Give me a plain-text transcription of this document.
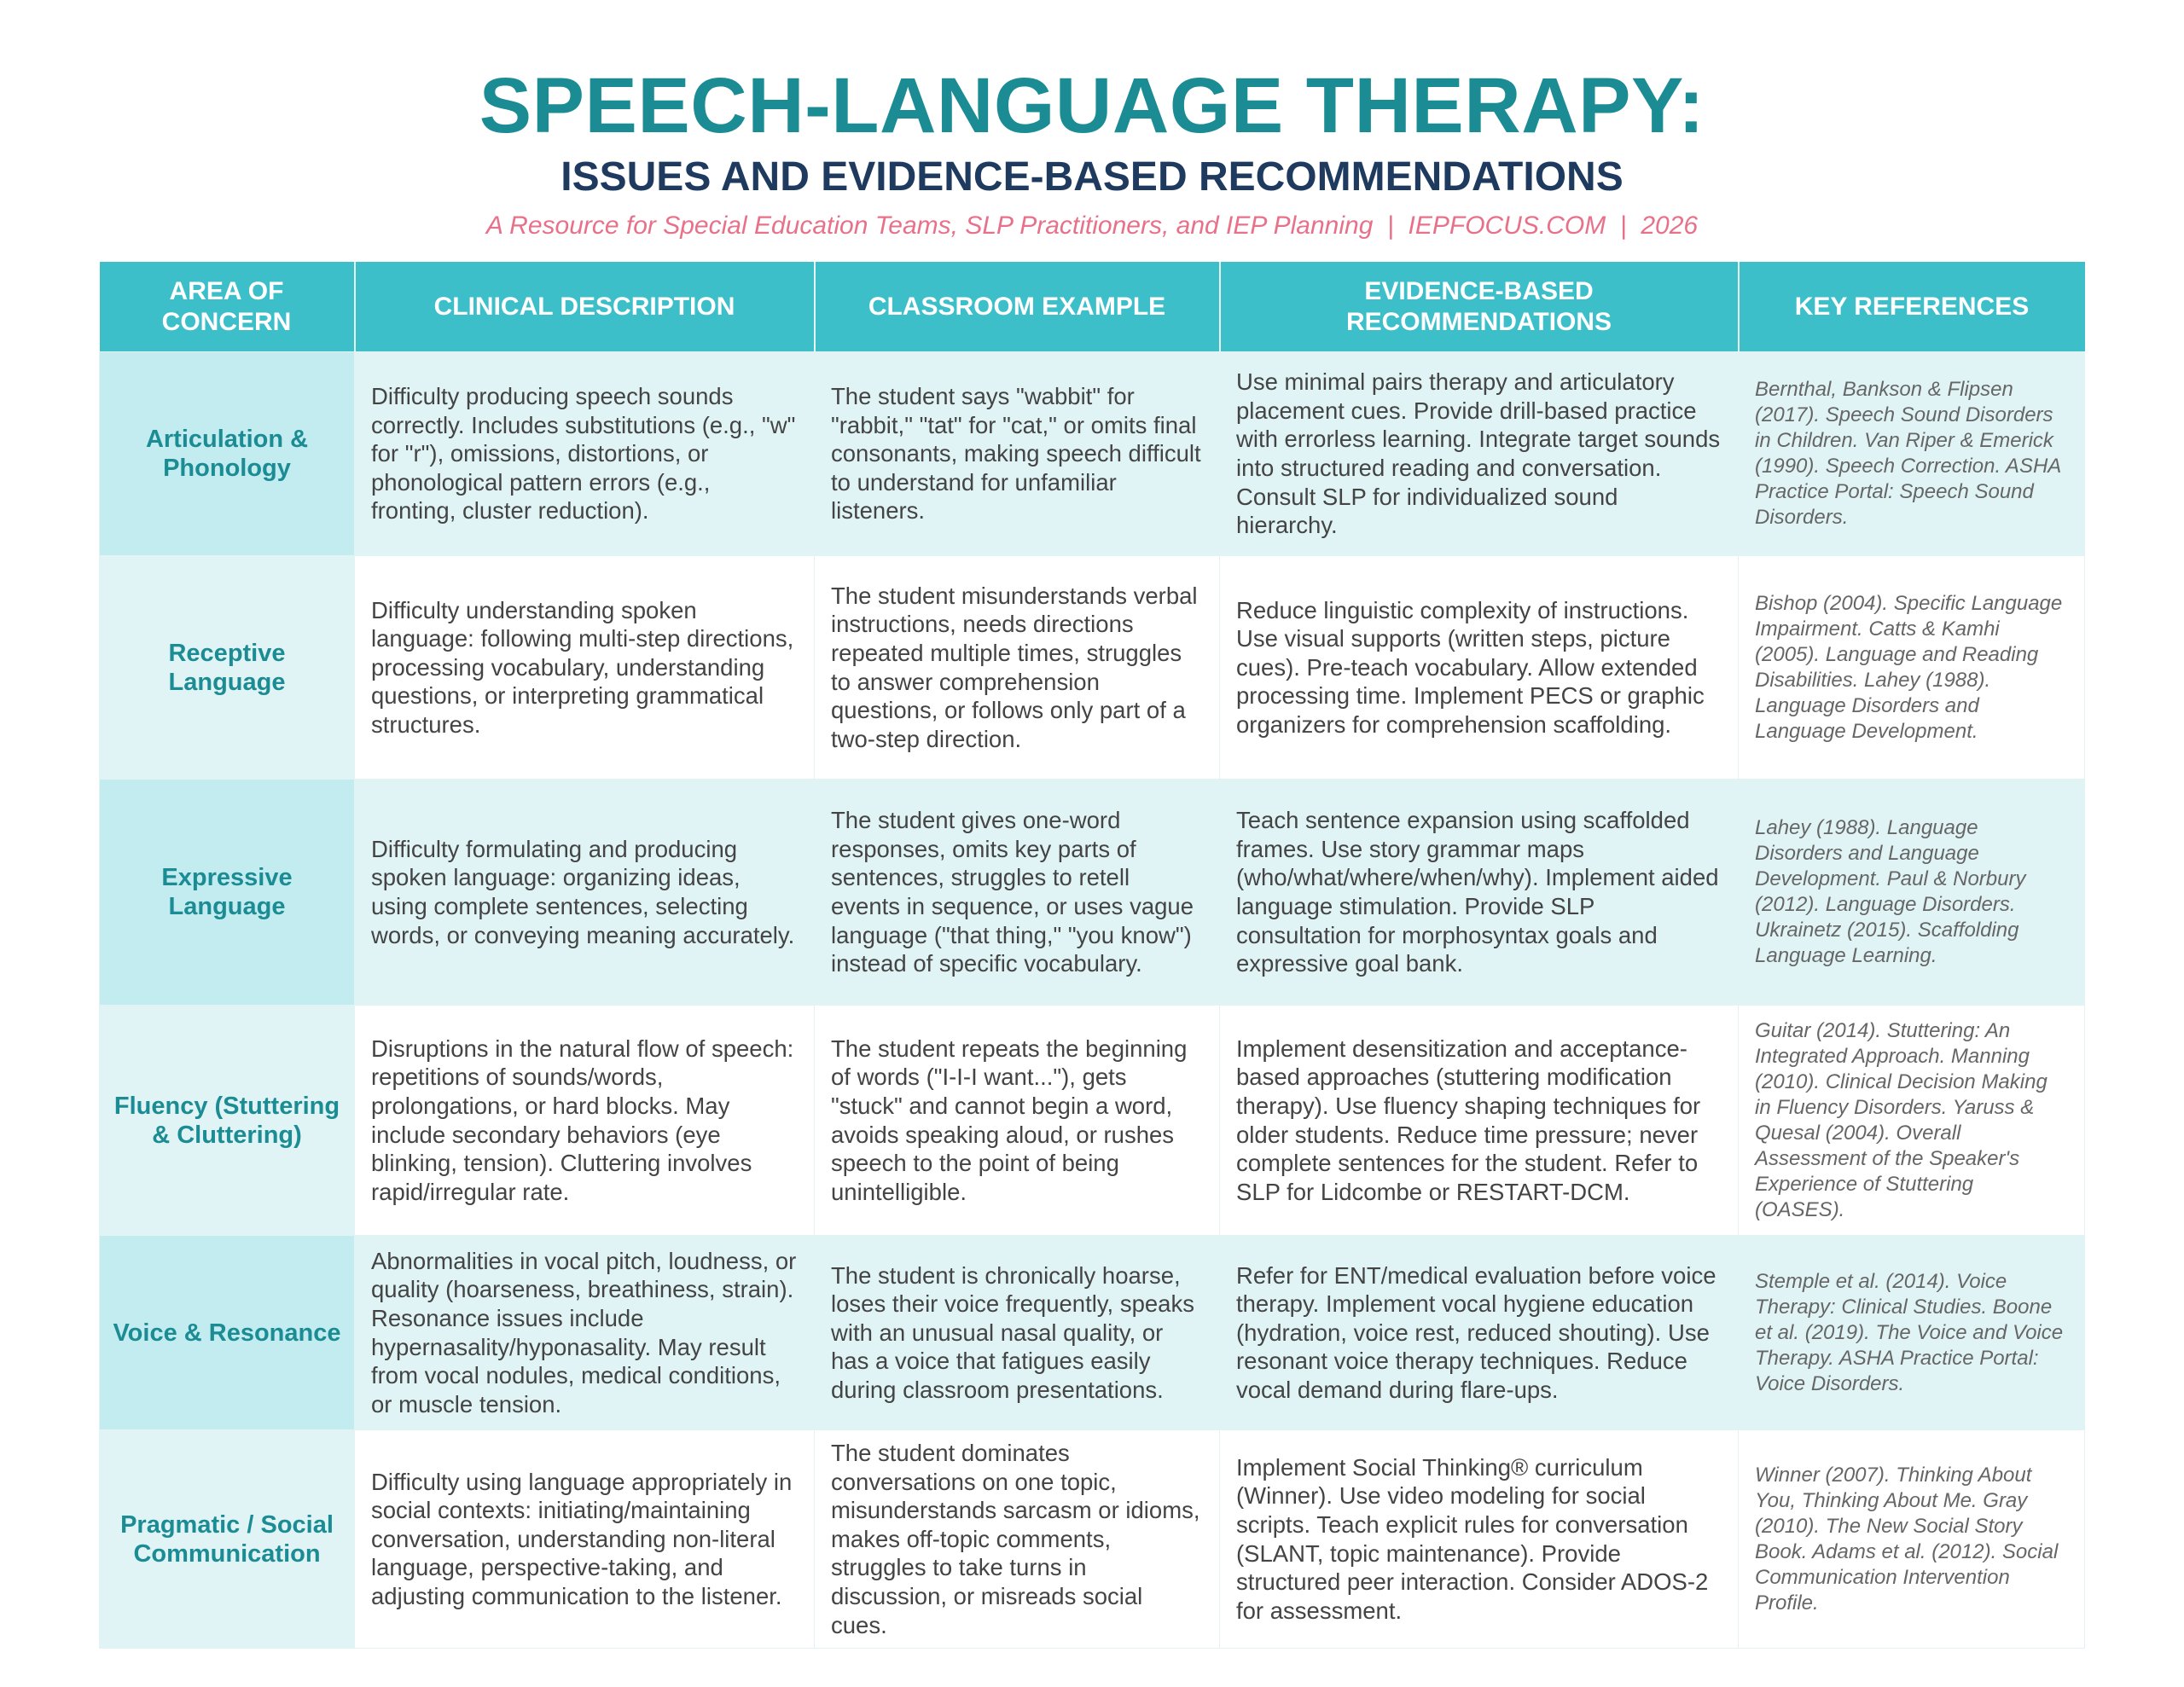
SPEECH-LANGUAGE THERAPY:
ISSUES AND EVIDENCE-BASED RECOMMENDATIONS
A Resource for Special Education Teams, SLP Practitioners, and IEP Planning  |  IEPFOCUS.COM  |  2026
AREA OF CONCERN	CLINICAL DESCRIPTION	CLASSROOM EXAMPLE	EVIDENCE-BASED RECOMMENDATIONS	KEY REFERENCES
Articulation & Phonology	Difficulty producing speech sounds correctly. Includes substitutions (e.g., "w" for "r"), omissions, distortions, or phonological pattern errors (e.g., fronting, cluster reduction).	The student says "wabbit" for "rabbit," "tat" for "cat," or omits final consonants, making speech difficult to understand for unfamiliar listeners.	Use minimal pairs therapy and articulatory placement cues. Provide drill-based practice with errorless learning. Integrate target sounds into structured reading and conversation. Consult SLP for individualized sound hierarchy.	Bernthal, Bankson & Flipsen (2017). Speech Sound Disorders in Children. Van Riper & Emerick (1990). Speech Correction. ASHA Practice Portal: Speech Sound Disorders.
Receptive Language	Difficulty understanding spoken language: following multi-step directions, processing vocabulary, understanding questions, or interpreting grammatical structures.	The student misunderstands verbal instructions, needs directions repeated multiple times, struggles to answer comprehension questions, or follows only part of a two-step direction.	Reduce linguistic complexity of instructions. Use visual supports (written steps, picture cues). Pre-teach vocabulary. Allow extended processing time. Implement PECS or graphic organizers for comprehension scaffolding.	Bishop (2004). Specific Language Impairment. Catts & Kamhi (2005). Language and Reading Disabilities. Lahey (1988). Language Disorders and Language Development.
Expressive Language	Difficulty formulating and producing spoken language: organizing ideas, using complete sentences, selecting words, or conveying meaning accurately.	The student gives one-word responses, omits key parts of sentences, struggles to retell events in sequence, or uses vague language ("that thing," "you know") instead of specific vocabulary.	Teach sentence expansion using scaffolded frames. Use story grammar maps (who/what/where/when/why). Implement aided language stimulation. Provide SLP consultation for morphosyntax goals and expressive goal bank.	Lahey (1988). Language Disorders and Language Development. Paul & Norbury (2012). Language Disorders. Ukrainetz (2015). Scaffolding Language Learning.
Fluency (Stuttering & Cluttering)	Disruptions in the natural flow of speech: repetitions of sounds/words, prolongations, or hard blocks. May include secondary behaviors (eye blinking, tension). Cluttering involves rapid/irregular rate.	The student repeats the beginning of words ("I-I-I want..."), gets "stuck" and cannot begin a word, avoids speaking aloud, or rushes speech to the point of being unintelligible.	Implement desensitization and acceptance-based approaches (stuttering modification therapy). Use fluency shaping techniques for older students. Reduce time pressure; never complete sentences for the student. Refer to SLP for Lidcombe or RESTART-DCM.	Guitar (2014). Stuttering: An Integrated Approach. Manning (2010). Clinical Decision Making in Fluency Disorders. Yaruss & Quesal (2004). Overall Assessment of the Speaker's Experience of Stuttering (OASES).
Voice & Resonance	Abnormalities in vocal pitch, loudness, or quality (hoarseness, breathiness, strain). Resonance issues include hypernasality/hyponasality. May result from vocal nodules, medical conditions, or muscle tension.	The student is chronically hoarse, loses their voice frequently, speaks with an unusual nasal quality, or has a voice that fatigues easily during classroom presentations.	Refer for ENT/medical evaluation before voice therapy. Implement vocal hygiene education (hydration, voice rest, reduced shouting). Use resonant voice therapy techniques. Reduce vocal demand during flare-ups.	Stemple et al. (2014). Voice Therapy: Clinical Studies. Boone et al. (2019). The Voice and Voice Therapy. ASHA Practice Portal: Voice Disorders.
Pragmatic / Social Communication	Difficulty using language appropriately in social contexts: initiating/maintaining conversation, understanding non-literal language, perspective-taking, and adjusting communication to the listener.	The student dominates conversations on one topic, misunderstands sarcasm or idioms, makes off-topic comments, struggles to take turns in discussion, or misreads social cues.	Implement Social Thinking® curriculum (Winner). Use video modeling for social scripts. Teach explicit rules for conversation (SLANT, topic maintenance). Provide structured peer interaction. Consider ADOS-2 for assessment.	Winner (2007). Thinking About You, Thinking About Me. Gray (2010). The New Social Story Book. Adams et al. (2012). Social Communication Intervention Profile.
